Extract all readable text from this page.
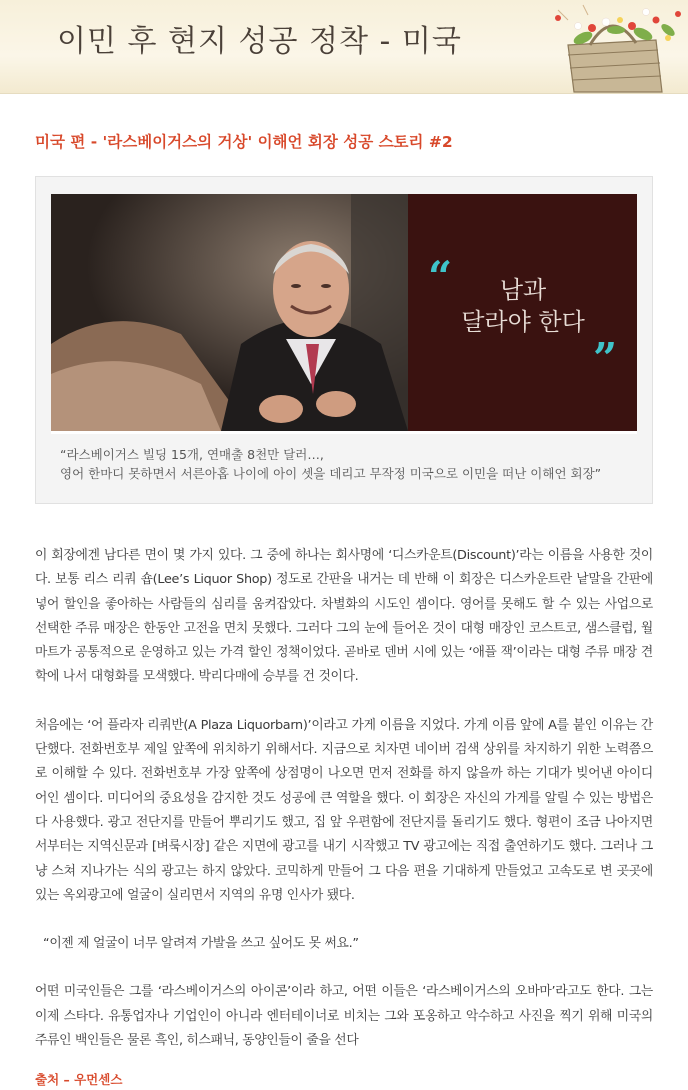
이민 후 현지 성공 정착 - 미국
미국 편 - '라스베이거스의 거상' 이해언 회장 성공 스토리 #2
“	남과
달라야 한다
”
“라스베이거스 빌딩 15개, 연매출 8천만 달러…,
영어 한마디 못하면서 서른아홉 나이에 아이 셋을 데리고 무작정 미국으로 이민을 떠난 이해언 회장”

이 회장에겐 남다른 면이 몇 가지 있다. 그 중에 하나는 회사명에 ‘디스카운트(Discount)’라는 이름을 사용한 것이다. 보통 리스 리쿼 숍(Lee’s Liquor Shop) 정도로 간판을 내거는 데 반해 이 회장은 디스카운트란 낱말을 간판에 넣어 할인을 좋아하는 사람들의 심리를 움켜잡았다. 차별화의 시도인 셈이다. 영어를 못해도 할 수 있는 사업으로 선택한 주류 매장은 한동안 고전을 면치 못했다. 그러다 그의 눈에 들어온 것이 대형 매장인 코스트코, 샘스클럽, 월마트가 공통적으로 운영하고 있는 가격 할인 정책이었다. 곧바로 덴버 시에 있는 ‘애플 잭’이라는 대형 주류 매장 견학에 나서 대형화를 모색했다. 박리다매에 승부를 건 것이다.

처음에는 ‘어 플라자 리쿼반(A Plaza Liquorbarn)’이라고 가게 이름을 지었다. 가게 이름 앞에 A를 붙인 이유는 간단했다. 전화번호부 제일 앞쪽에 위치하기 위해서다. 지금으로 치자면 네이버 검색 상위를 차지하기 위한 노력쯤으로 이해할 수 있다. 전화번호부 가장 앞쪽에 상점명이 나오면 먼저 전화를 하지 않을까 하는 기대가 빚어낸 아이디어인 셈이다. 미디어의 중요성을 감지한 것도 성공에 큰 역할을 했다. 이 회장은 자신의 가게를 알릴 수 있는 방법은 다 사용했다. 광고 전단지를 만들어 뿌리기도 했고, 집 앞 우편함에 전단지를 돌리기도 했다. 형편이 조금 나아지면서부터는 지역신문과 [벼룩시장] 같은 지면에 광고를 내기 시작했고 TV 광고에는 직접 출연하기도 했다. 그러나 그냥 스쳐 지나가는 식의 광고는 하지 않았다. 코믹하게 만들어 그 다음 편을 기대하게 만들었고 고속도로 변 곳곳에 있는 옥외광고에 얼굴이 실리면서 지역의 유명 인사가 됐다.

“이젠 제 얼굴이 너무 알려져 가발을 쓰고 싶어도 못 써요.”

어떤 미국인들은 그를 ‘라스베이거스의 아이콘’이라 하고, 어떤 이들은 ‘라스베이거스의 오바마’라고도 한다. 그는 이제 스타다. 유통업자나 기업인이 아니라 엔터테이너로 비치는 그와 포옹하고 악수하고 사진을 찍기 위해 미국의 주류인 백인들은 물론 흑인, 히스패닉, 동양인들이 줄을 선다

출처 – 우먼센스
